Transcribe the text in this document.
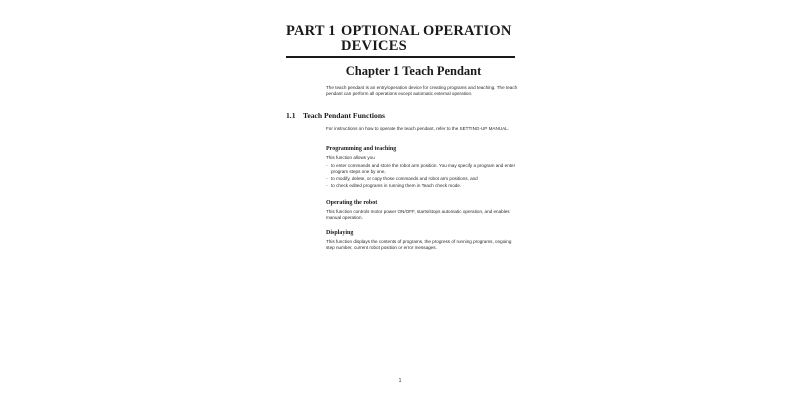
PART 1 OPTIONAL OPERATION DEVICES
Chapter 1 Teach Pendant
The teach pendant is an entry/operation device for creating programs and teaching. The teach pendant can perform all operations except automatic external operation.
1.1 Teach Pendant Functions
For instructions on how to operate the teach pendant, refer to the SETTING-UP MANUAL.
Programming and teaching
This function allows you
- to enter commands and store the robot arm position. You may specify a program and enter program steps one by one,
- to modify, delete, or copy those commands and robot arm positions, and
- to check edited programs in running them in Teach check mode.
Operating the robot
This function controls motor power ON/OFF, starts/stops automatic operation, and enables manual operation.
Displaying
This function displays the contents of programs, the progress of running programs, ongoing step number, current robot position or error messages.
1
